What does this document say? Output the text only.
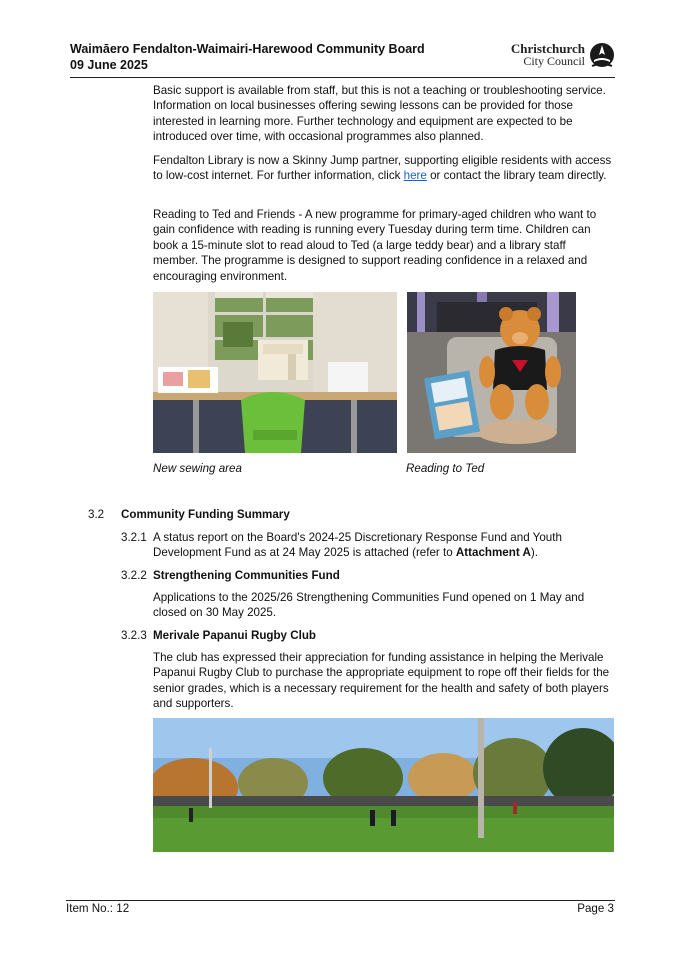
Waimāero Fendalton-Waimairi-Harewood Community Board
09 June 2025
Christchurch
City Council
Basic support is available from staff, but this is not a teaching or troubleshooting service. Information on local businesses offering sewing lessons can be provided for those interested in learning more. Further technology and equipment are expected to be introduced over time, with occasional programmes also planned.
Fendalton Library is now a Skinny Jump partner, supporting eligible residents with access to low-cost internet. For further information, click here or contact the library team directly.
Reading to Ted and Friends - A new programme for primary-aged children who want to gain confidence with reading is running every Tuesday during term time. Children can book a 15-minute slot to read aloud to Ted (a large teddy bear) and a library staff member. The programme is designed to support reading confidence in a relaxed and encouraging environment.
New sewing area	Reading to Ted
3.2 Community Funding Summary
3.2.1 A status report on the Board's 2024-25 Discretionary Response Fund and Youth Development Fund as at 24 May 2025 is attached (refer to Attachment A).
3.2.2 Strengthening Communities Fund
Applications to the 2025/26 Strengthening Communities Fund opened on 1 May and closed on 30 May 2025.
3.2.3 Merivale Papanui Rugby Club
The club has expressed their appreciation for funding assistance in helping the Merivale Papanui Rugby Club to purchase the appropriate equipment to rope off their fields for the senior grades, which is a necessary requirement for the health and safety of both players and supporters.
Item No.: 12	Page 3
